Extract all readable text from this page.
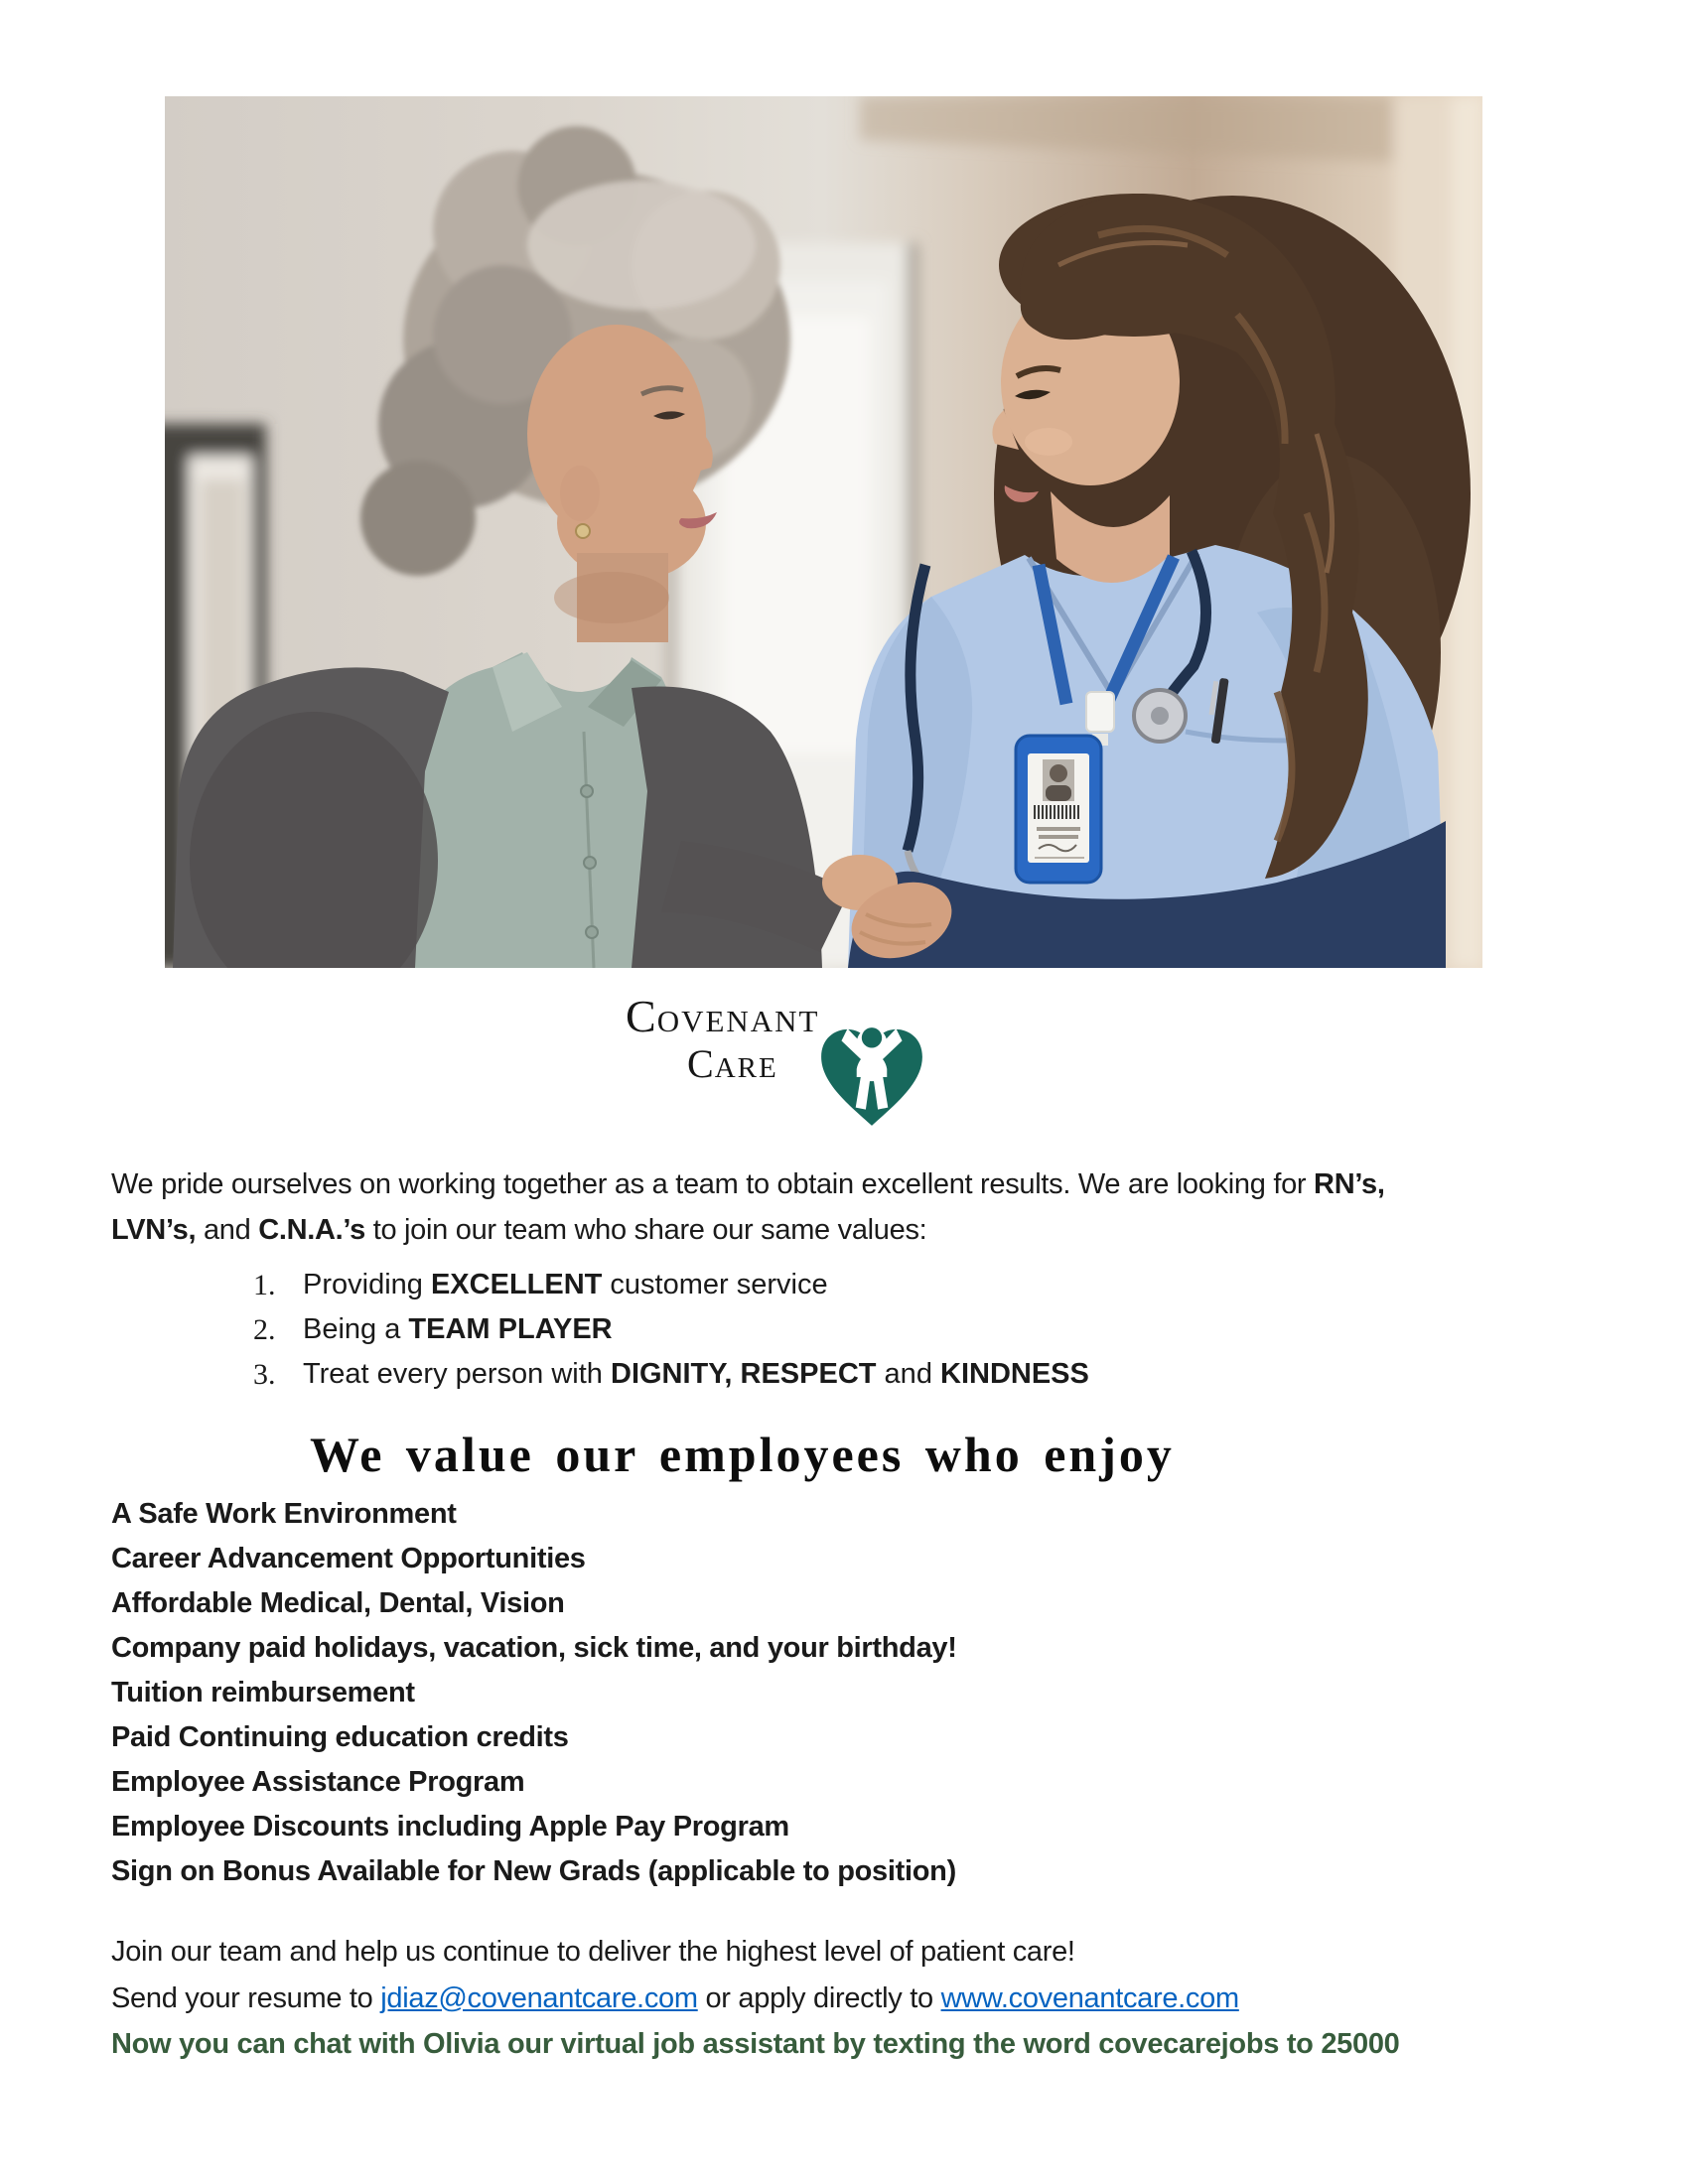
COVENANT
CARE
We pride ourselves on working together as a team to obtain excellent results. We are looking for RN’s,
LVN’s, and C.N.A.’s to join our team who share our same values:
1. Providing EXCELLENT customer service
2. Being a TEAM PLAYER
3. Treat every person with DIGNITY, RESPECT and KINDNESS
We value our employees who enjoy
A Safe Work Environment
Career Advancement Opportunities
Affordable Medical, Dental, Vision
Company paid holidays, vacation, sick time, and your birthday!
Tuition reimbursement
Paid Continuing education credits
Employee Assistance Program
Employee Discounts including Apple Pay Program
Sign on Bonus Available for New Grads (applicable to position)
Join our team and help us continue to deliver the highest level of patient care!
Send your resume to jdiaz@covenantcare.com or apply directly to www.covenantcare.com
Now you can chat with Olivia our virtual job assistant by texting the word covecarejobs to 25000
